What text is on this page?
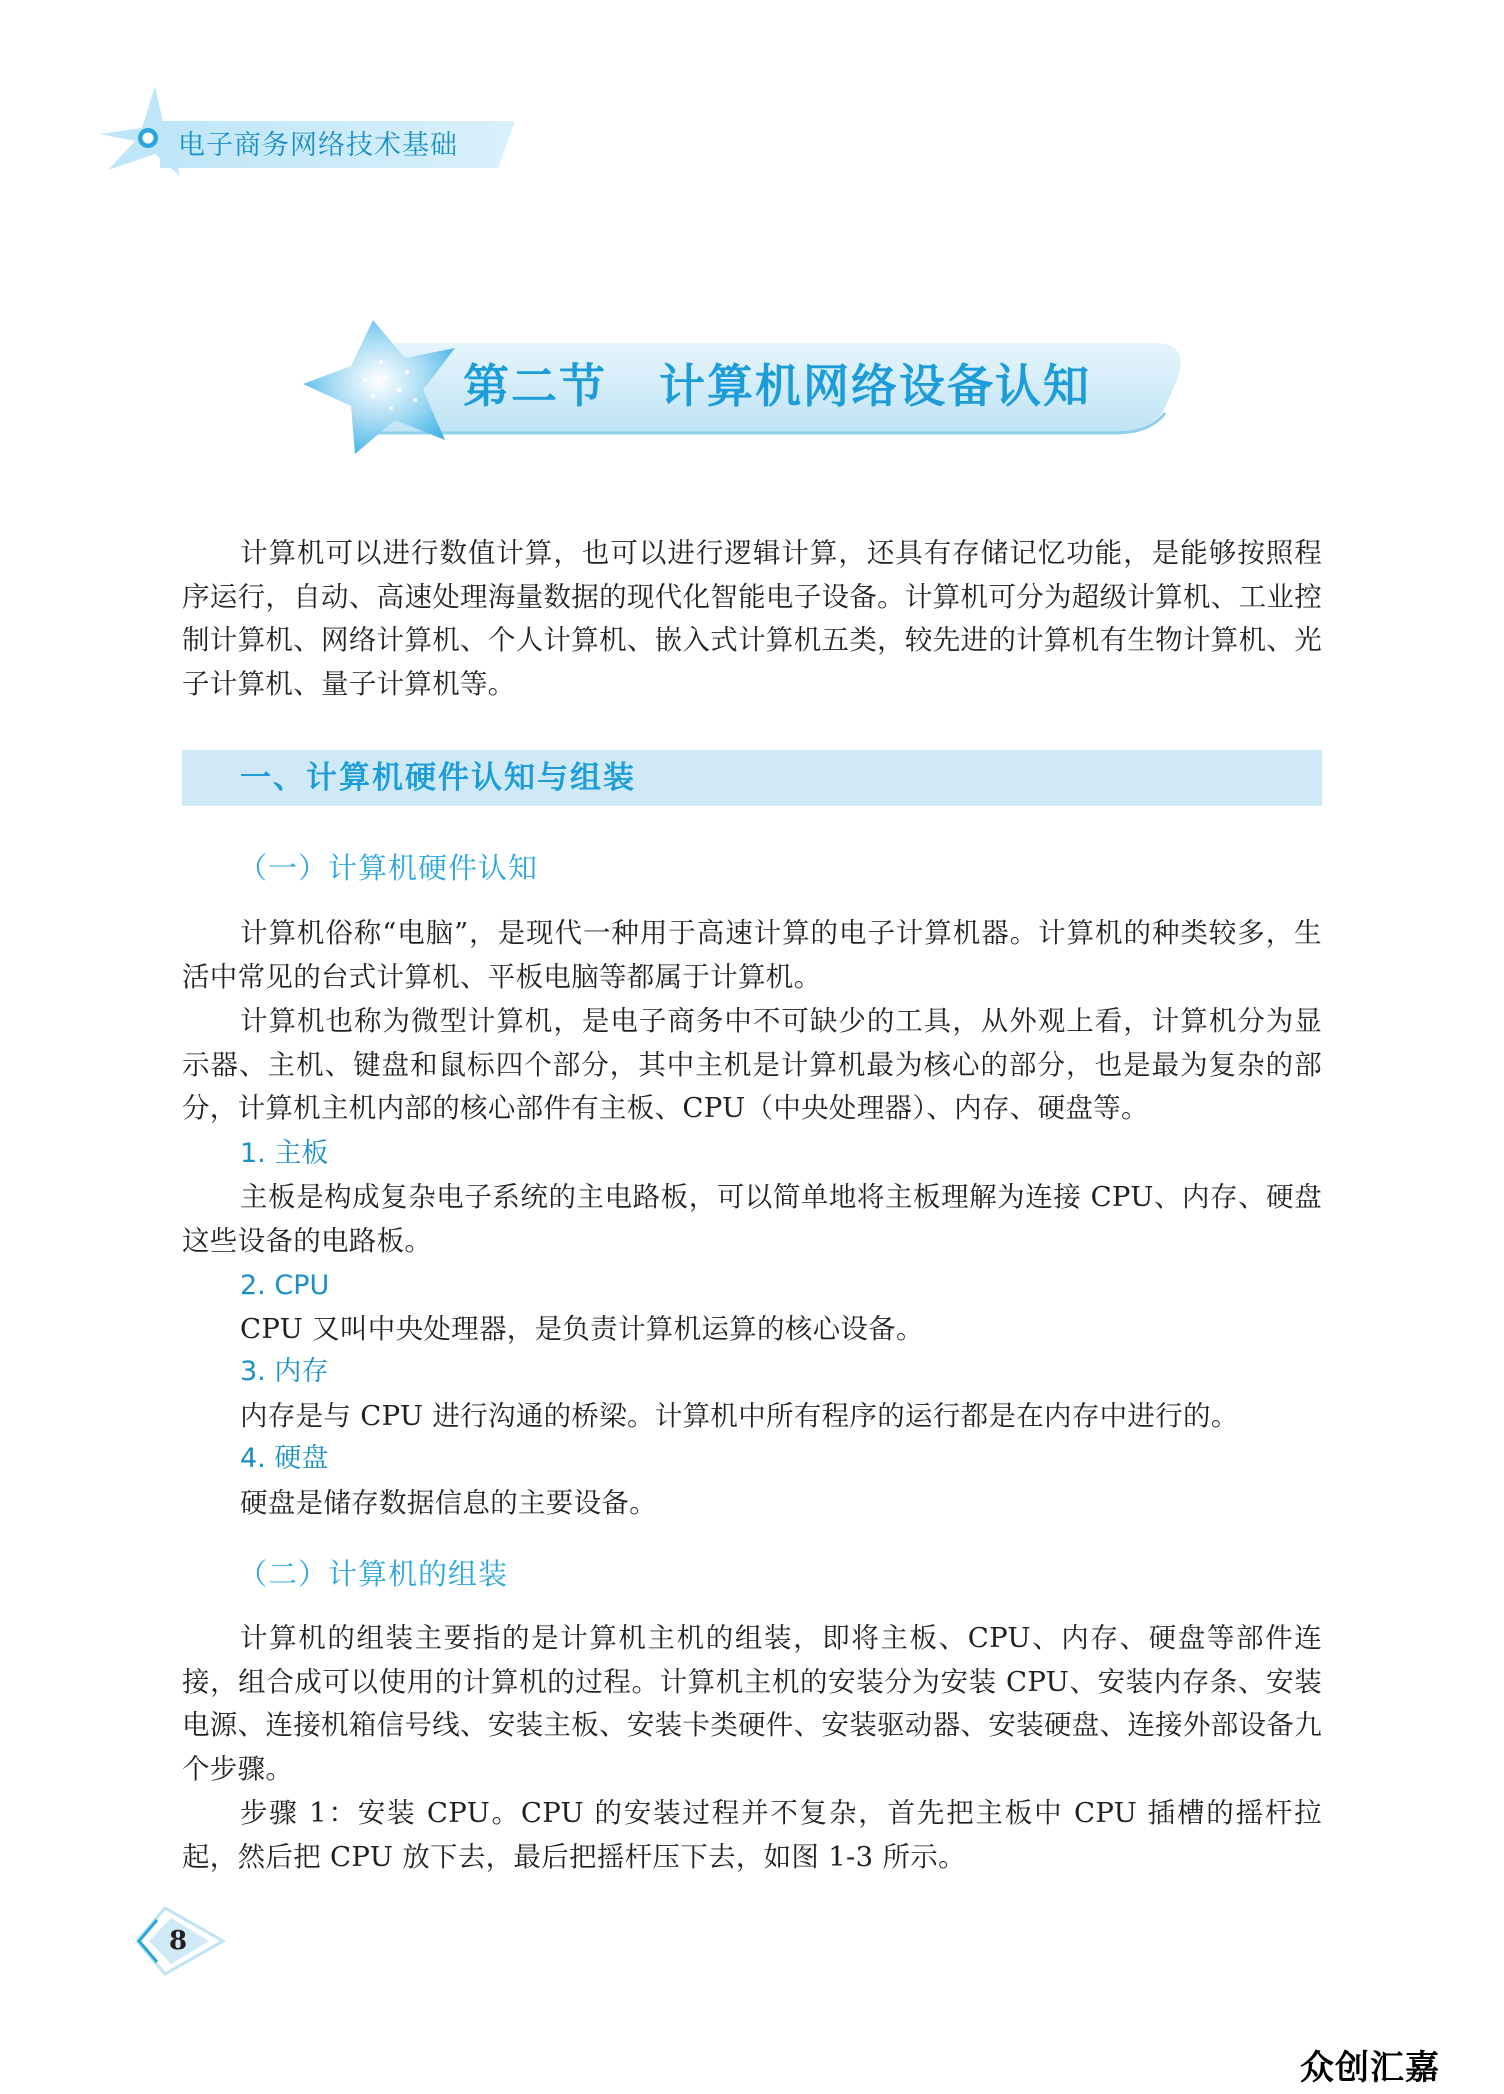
电子商务网络技术基础
第二节 计算机网络设备认知

计算机可以进行数值计算，也可以进行逻辑计算，还具有存储记忆功能，是能够按照程序运行，自动、高速处理海量数据的现代化智能电子设备。计算机可分为超级计算机、工业控制计算机、网络计算机、个人计算机、嵌入式计算机五类，较先进的计算机有生物计算机、光子计算机、量子计算机等。

一、计算机硬件认知与组装
（一）计算机硬件认知

计算机俗称“电脑”，是现代一种用于高速计算的电子计算机器。计算机的种类较多，生活中常见的台式计算机、平板电脑等都属于计算机。

计算机也称为微型计算机，是电子商务中不可缺少的工具，从外观上看，计算机分为显示器、主机、键盘和鼠标四个部分，其中主机是计算机最为核心的部分，也是最为复杂的部分，计算机主机内部的核心部件有主板、CPU（中央处理器）、内存、硬盘等。

1. 主板

主板是构成复杂电子系统的主电路板，可以简单地将主板理解为连接 CPU、内存、硬盘这些设备的电路板。

2. CPU

CPU 又叫中央处理器，是负责计算机运算的核心设备。

3. 内存

内存是与 CPU 进行沟通的桥梁。计算机中所有程序的运行都是在内存中进行的。

4. 硬盘

硬盘是储存数据信息的主要设备。

（二）计算机的组装

计算机的组装主要指的是计算机主机的组装，即将主板、CPU、内存、硬盘等部件连接，组合成可以使用的计算机的过程。计算机主机的安装分为安装 CPU、安装内存条、安装电源、连接机箱信号线、安装主板、安装卡类硬件、安装驱动器、安装硬盘、连接外部设备九个步骤。

步骤 1：安装 CPU。CPU 的安装过程并不复杂，首先把主板中 CPU 插槽的摇杆拉起，然后把 CPU 放下去，最后把摇杆压下去，如图 1-3 所示。

8
众创汇嘉
